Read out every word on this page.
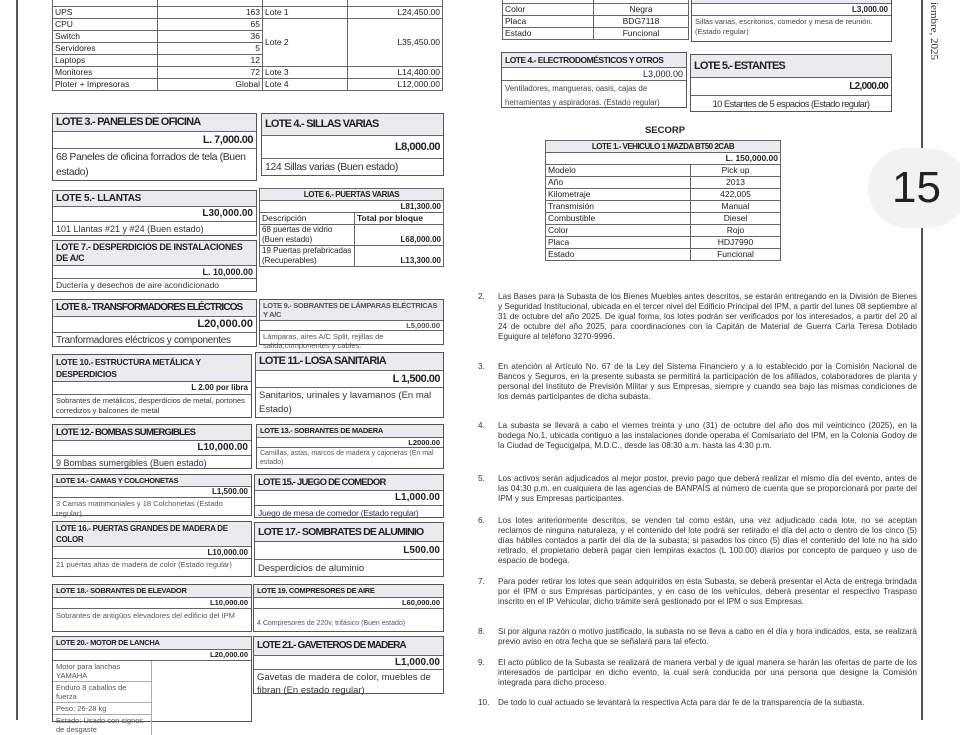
iembre, 2025
15

UPS	163	Lote 1	L24,450.00
CPU	65	Lote 2	L35,450.00
Switch	36		
Servidores	5		
Laptops	12		
Monitores	72	Lote 3	L14,400.00
Ploter + Impresoras	Global	Lote 4	L12,000.00
LOTE 3.- PANELES DE OFICINA
L. 7,000.00
68 Paneles de oficina forrados de tela (Buen estado)
LOTE 4.- SILLAS VARIAS
L8,000.00
124 Sillas varias (Buen estado)
LOTE 5.- LLANTAS
L30,000.00
101 Llantas #21 y #24 (Buen estado)
LOTE 6.- PUERTAS VARIAS	
L81,300.00	
Descripción	Total por bloque
68 puertas de vidrio (Buen estado)	L68,000.00
19 Puertas prefabricadas (Recuperables)	L13,300.00
LOTE 7.- DESPERDICIOS DE INSTALACIONES DE A/C
L. 10,000.00
Ductería y desechos de aire acondicionado
LOTE 8.- TRANSFORMADORES ELÉCTRICOS
L20,000.00
Tranformadores eléctricos y componentes
LOTE 9.- SOBRANTES DE LÁMPARAS ELÉCTRICAS Y A/C
L5,000.00
Lámparas, aires A/C Split, rejillas de salida,componentes y cables.
LOTE 10.- ESTRUCTURA METÁLICA Y DESPERDICIOS
L 2.00 por libra
Sobrantes de metálicos, desperdicios de metal, portones corredizos y balcones de metal
LOTE 11.- LOSA SANITARIA
L 1,500.00
Sanitarios, urinales y lavamanos (En mal Estado)
LOTE 12.- BOMBAS SUMERGIBLES
L10,000.00
9 Bombas sumergibles (Buen estado)
LOTE 13.- SOBRANTES DE MADERA
L2000.00
Camillas, astas, marcos de madera y cajoneras (En mal estado)
LOTE 14.- CAMAS Y COLCHONETAS
L1,500.00
3 Camas matrimoniales y 18 Colchonetas (Estado regular)
LOTE 15.- JUEGO DE COMEDOR
L1,000.00
Juego de mesa de comedor (Estado regular)
LOTE 16.- PUERTAS GRANDES DE MADERA DE COLOR
L10,000.00
21 puertas altas de madera de color (Estado regular)
LOTE 17.- SOMBRATES DE ALUMINIO
L500.00
Desperdicios de aluminio
LOTE 18.- SOBRANTES DE ELEVADOR
L10,000.00
Sobrantes de antigüos elevadores del edificio del IPM
LOTE 19. COMPRESORES DE AIRE
L60,000.00
4 Compresores de 220v, trifásico (Buen estado)
LOTE 20.- MOTOR DE LANCHA
L20,000.00
Motor para lanchas YAMAHA
Enduro 8 caballos de fuerza
Peso: 26-28 kg
Estado: Usado con signos de desgaste
LOTE 21.- GAVETEROS DE MADERA
L1,000.00
Gavetas de madera de color, muebles de fibran (En estado regular)

Color	Negra
Placa	BDG7118
Estado	Funcional
L3,000.00
Sillas varias, escritorios, comedor y mesa de reunión. (Estado regular)
LOTE 4.- ELECTRODOMÉSTICOS Y OTROS
L3,000.00
Ventiladores, mangueras, oasis, cajas de herramientas y aspiradoras. (Estado regular)
LOTE 5.- ESTANTES
L2,000.00
10 Estantes de 5 espacios (Estado regular)
SECORP
LOTE 1.- VEHICULO 1 MAZDA BT50 2CAB	
L. 150,000.00	
Modelo	Pick up
Año	2013
Kilometraje	422,005
Transmisión	Manual
Combustible	Diesel
Color	Rojo
Placa	HDJ7990
Estado	Funcional
2. Las Bases para la Subasta de los Bienes Muebles antes descritos, se estarán entregando en la División de Bienes y Seguridad Institucional, ubicada en el tercer nivel del Edificio Principal del IPM, a partir del lunes 08 septiembre al 31 de octubre del año 2025. De igual forma, los lotes podrán ser verificados por los interesados, a partir del 20 al 24 de octubre del año 2025, para coordinaciones con la Capitán de Material de Guerra Carla Teresa Doblado Eguigure al teléfono 3270-9996.
3. En atención al Artículo No. 67 de la Ley del Sistema Financiero y a lo establecido por la Comisión Nacional de Bancos y Seguros, en la presente subasta se permitirá la participación de los afiliados, colaboradores de planta y personal del Instituto de Previsión Militar y sus Empresas, siempre y cuando sea bajo las mismas condiciones de los demás participantes de dicha subasta.
4. La subasta se llevará a cabo el viernes treinta y uno (31) de octubre del año dos mil veinticinco (2025), en la bodega No.1, ubicada contiguo a las instalaciones donde operaba el Comisariato del IPM, en la Colonia Godoy de la Ciudad de Tegucigalpa, M.D.C., desde las 08:30 a.m. hasta las 4:30 p.m.
5. Los activos serán adjudicados al mejor postor, previo pago que deberá realizar el mismo día del evento, antes de las 04:30 p.m. en cualquiera de las agencias de BANPAÍS al número de cuenta que se proporcionará por parte del IPM y sus Empresas participantes.
6. Los lotes anteriormente descritos, se venden tal como están, una vez adjudicado cada lote, no se aceptan reclamos de ninguna naturaleza, y el contenido del lote podrá ser retirado el día del acto o dentro de los cinco (5) días hábiles contados a partir del día de la subasta; si pasados los cinco (5) días el contenido del lote no ha sido retirado, el propietario deberá pagar cien lempiras exactos (L 100.00) diarios por concepto de parqueo y uso de espacio de bodega.
7. Para poder retirar los lotes que sean adquiridos en esta Subasta, se deberá presentar el Acta de entrega brindada por el IPM o sus Empresas participantes, y en caso de los vehículos, deberá presentar el respectivo Traspaso inscrito en el IP Vehicular, dicho trámite será gestionado por el IPM o sus Empresas.
8. Si por alguna razón o motivo justificado, la subasta no se lleva a cabo en el día y hora indicados, esta, se realizará previo aviso en otra fecha que se señalará para tal efecto.
9. El acto público de la Subasta se realizará de manera verbal y de igual manera se harán las ofertas de parte de los interesados de participar en dicho evento, la cual será conducida por una persona que designe la Comisión integrada para dicho proceso.
10. De todo lo cual actuado se levantará la respectiva Acta para dar fe de la transparencia de la subasta.
